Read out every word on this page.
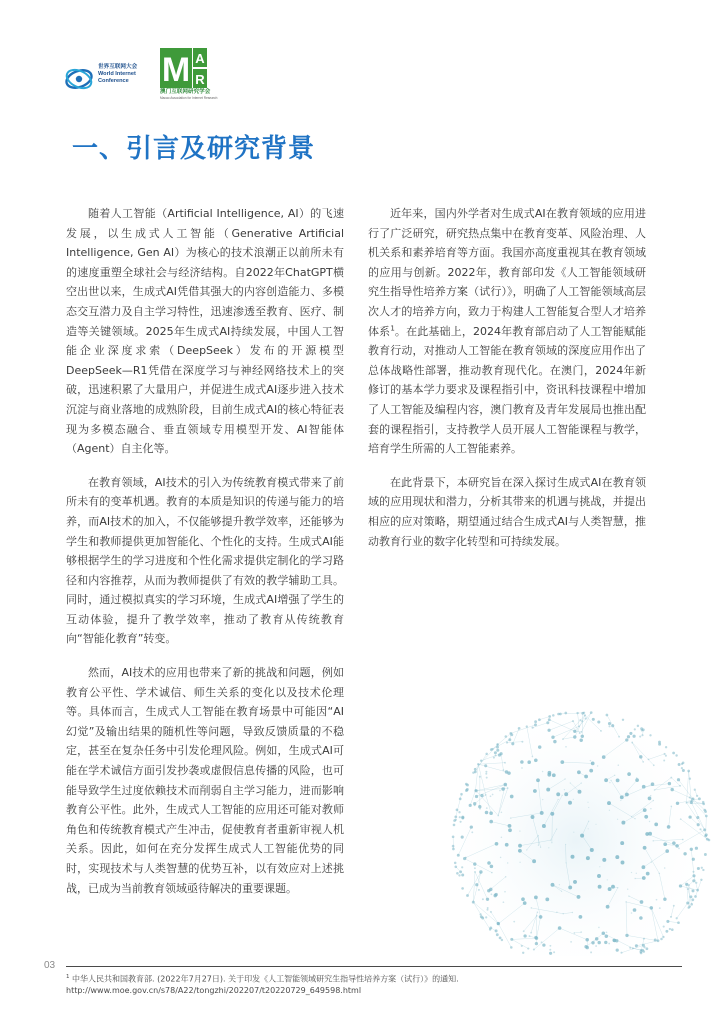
世界互联网大会
World Internet
Conference M A
R
澳门互联网研究学会
Macao Association for Internet Research
一、引言及研究背景

随着人工智能（Artificial Intelligence, AI）的飞速发展，以生成式人工智能（Generative Artificial Intelligence, Gen AI）为核心的技术浪潮正以前所未有的速度重塑全球社会与经济结构。自2022年ChatGPT横空出世以来，生成式AI凭借其强大的内容创造能力、多模态交互潜力及自主学习特性，迅速渗透至教育、医疗、制造等关键领域。2025年生成式AI持续发展，中国人工智能企业深度求索（DeepSeek）发布的开源模型DeepSeek—R1凭借在深度学习与神经网络技术上的突破，迅速积累了大量用户，并促进生成式AI逐步进入技术沉淀与商业落地的成熟阶段，目前生成式AI的核心特征表现为多模态融合、垂直领域专用模型开发、AI智能体（Agent）自主化等。

在教育领域，AI技术的引入为传统教育模式带来了前所未有的变革机遇。教育的本质是知识的传递与能力的培养，而AI技术的加入，不仅能够提升教学效率，还能够为学生和教师提供更加智能化、个性化的支持。生成式AI能够根据学生的学习进度和个性化需求提供定制化的学习路径和内容推荐，从而为教师提供了有效的教学辅助工具。同时，通过模拟真实的学习环境，生成式AI增强了学生的互动体验，提升了教学效率，推动了教育从传统教育向“智能化教育”转变。

然而，AI技术的应用也带来了新的挑战和问题，例如教育公平性、学术诚信、师生关系的变化以及技术伦理等。具体而言，生成式人工智能在教育场景中可能因“AI幻觉”及输出结果的随机性等问题，导致反馈质量的不稳定，甚至在复杂任务中引发伦理风险。例如，生成式AI可能在学术诚信方面引发抄袭或虚假信息传播的风险，也可能导致学生过度依赖技术而削弱自主学习能力，进而影响教育公平性。此外，生成式人工智能的应用还可能对教师角色和传统教育模式产生冲击，促使教育者重新审视人机关系。因此，如何在充分发挥生成式人工智能优势的同时，实现技术与人类智慧的优势互补，以有效应对上述挑战，已成为当前教育领域亟待解决的重要课题。

近年来，国内外学者对生成式AI在教育领域的应用进行了广泛研究，研究热点集中在教育变革、风险治理、人机关系和素养培育等方面。我国亦高度重视其在教育领域的应用与创新。2022年，教育部印发《人工智能领域研究生指导性培养方案（试行）》，明确了人工智能领域高层次人才的培养方向，致力于构建人工智能复合型人才培养体系$^1$。在此基础上，2024年教育部启动了人工智能赋能教育行动，对推动人工智能在教育领域的深度应用作出了总体战略性部署，推动教育现代化。在澳门，2024年新修订的基本学力要求及课程指引中，资讯科技课程中增加了人工智能及编程内容，澳门教育及青年发展局也推出配套的课程指引，支持教学人员开展人工智能课程与教学，培育学生所需的人工智能素养。

在此背景下，本研究旨在深入探讨生成式AI在教育领域的应用现状和潜力，分析其带来的机遇与挑战，并提出相应的应对策略，期望通过结合生成式AI与人类智慧，推动教育行业的数字化转型和可持续发展。

03
$^1$ 中华人民共和国教育部. (2022年7月27日). 关于印发《人工智能领域研究生指导性培养方案（试行）》的通知.
http://www.moe.gov.cn/s78/A22/tongzhi/202207/t20220729_649598.html
